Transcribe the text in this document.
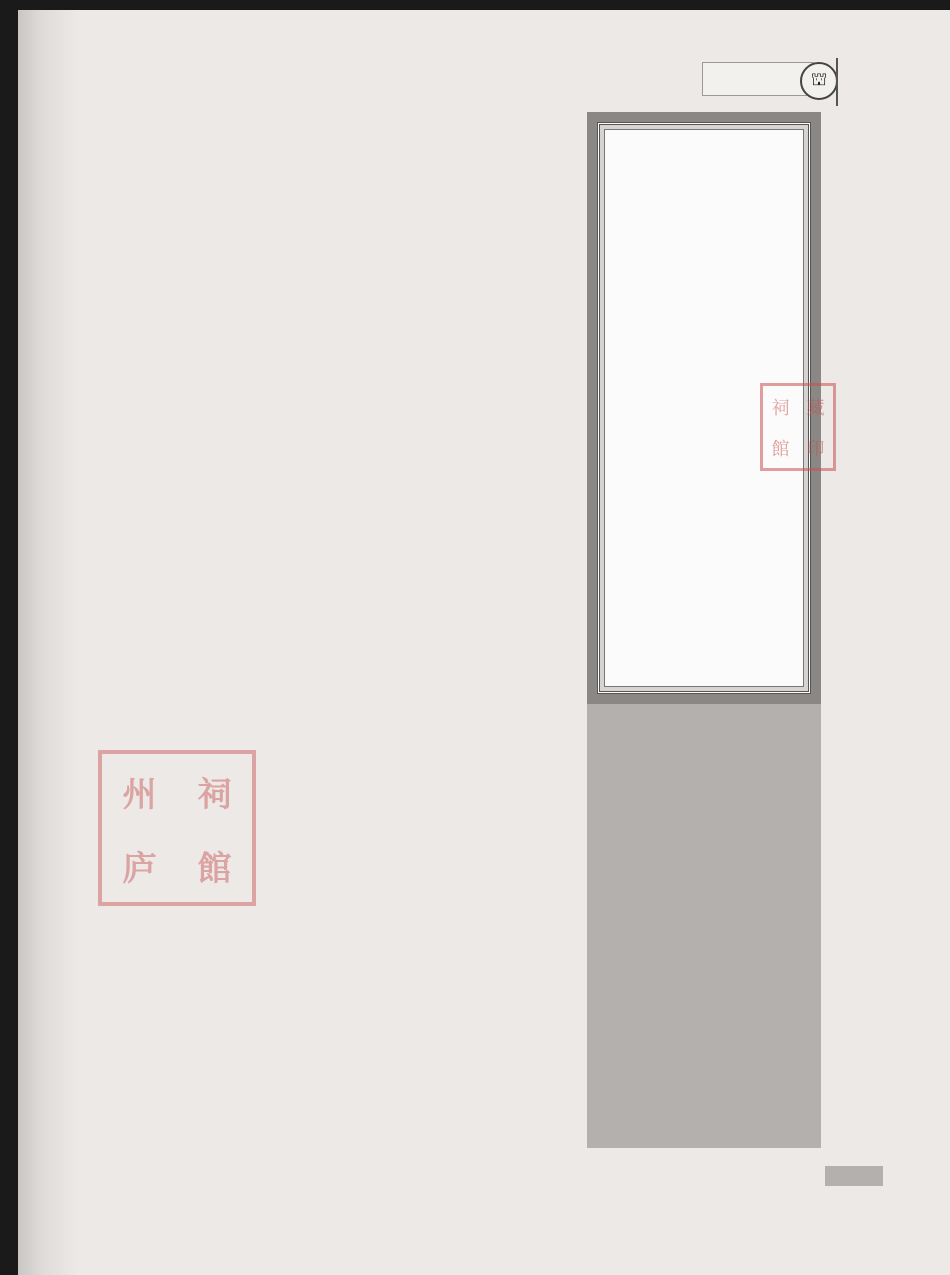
⛫
州 祠
庐 館
祠 藏
館 印
